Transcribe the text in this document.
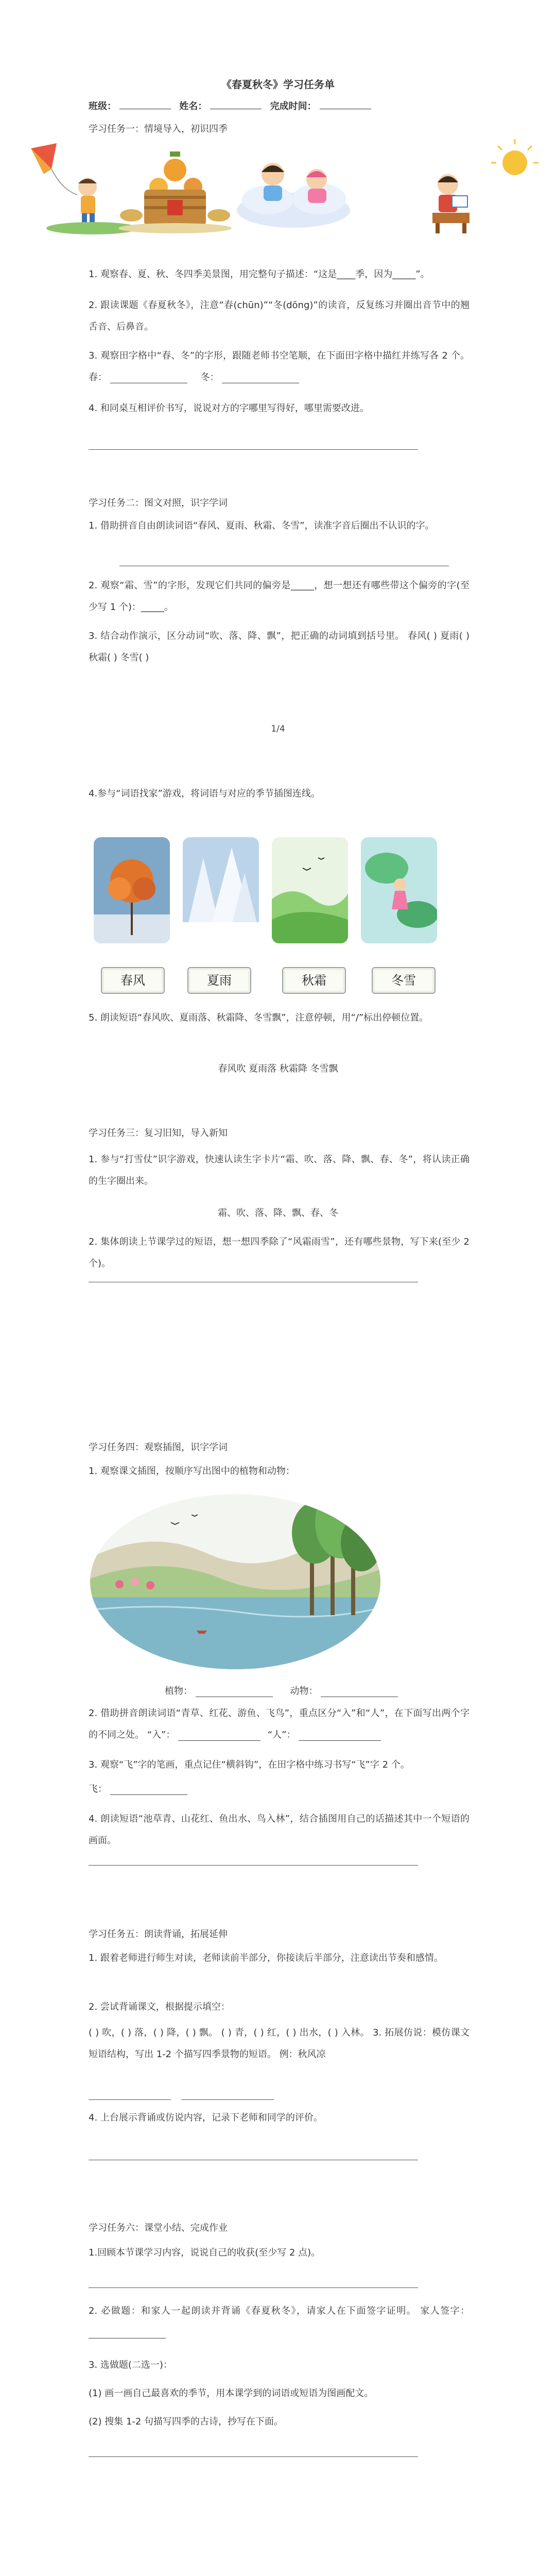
《春夏秋冬》学习任务单
班级：	姓名：	完成时间：

学习任务一：情境导入，初识四季

1. 观察春、夏、秋、冬四季美景图，用完整句子描述：“这是____季，因为_____”。

2. 跟读课题《春夏秋冬》，注意“春(chūn)”“冬(dōng)”的读音，反复练习并圈出音节中的翘舌音、后鼻音。

3. 观察田字格中“春、冬”的字形，跟随老师书空笔顺，在下面田字格中描红并练写各 2 个。 春：	冬：

4. 和同桌互相评价书写，说说对方的字哪里写得好，哪里需要改进。

学习任务二：图文对照，识字学词

1. 借助拼音自由朗读词语“春风、夏雨、秋霜、冬雪”，读准字音后圈出不认识的字。

2. 观察“霜、雪”的字形，发现它们共同的偏旁是_____，想一想还有哪些带这个偏旁的字(至少写 1 个)：_____。

3. 结合动作演示，区分动词“吹、落、降、飘”，把正确的动词填到括号里。 春风( ) 夏雨( ) 秋霜( ) 冬雪( )

1/4

4.参与“词语找家”游戏，将词语与对应的季节插图连线。

春风	夏雨	秋霜	冬雪

5. 朗读短语“春风吹、夏雨落、秋霜降、冬雪飘”，注意停顿，用“/”标出停顿位置。

春风吹 夏雨落 秋霜降 冬雪飘

学习任务三：复习旧知，导入新知

1. 参与“打雪仗”识字游戏，快速认读生字卡片“霜、吹、落、降、飘、春、冬”，将认读正确的生字圈出来。

霜、吹、落、降、飘、春、冬

2. 集体朗读上节课学过的短语，想一想四季除了“风霜雨雪”，还有哪些景物，写下来(至少 2 个)。

学习任务四：观察插图，识字学词

1. 观察课文插图，按顺序写出图中的植物和动物：

植物：	动物：

2. 借助拼音朗读词语“青草、红花、游鱼、飞鸟”，重点区分“入”和“人”，在下面写出两个字的不同之处。 “入”：	“人”：

3. 观察“飞”字的笔画，重点记住“横斜钩”，在田字格中练习书写“飞”字 2 个。

飞：

4. 朗读短语“池草青、山花红、鱼出水、鸟入林”，结合插图用自己的话描述其中一个短语的画面。

学习任务五：朗读背诵，拓展延伸

1. 跟着老师进行师生对读，老师读前半部分，你接读后半部分，注意读出节奏和感情。

2. 尝试背诵课文，根据提示填空：

( ) 吹，( ) 落，( ) 降，( ) 飘。 ( ) 青，( ) 红，( ) 出水，( ) 入林。 3. 拓展仿说：模仿课文短语结构，写出 1-2 个描写四季景物的短语。 例：秋风凉

4. 上台展示背诵或仿说内容，记录下老师和同学的评价。

学习任务六：课堂小结、完成作业

1.回顾本节课学习内容，说说自己的收获(至少写 2 点)。

2. 必做题：和家人一起朗读并背诵《春夏秋冬》，请家人在下面签字证明。 家人签字：

3. 选做题(二选一)：

(1) 画一画自己最喜欢的季节，用本课学到的词语或短语为图画配文。

(2) 搜集 1-2 句描写四季的古诗，抄写在下面。
